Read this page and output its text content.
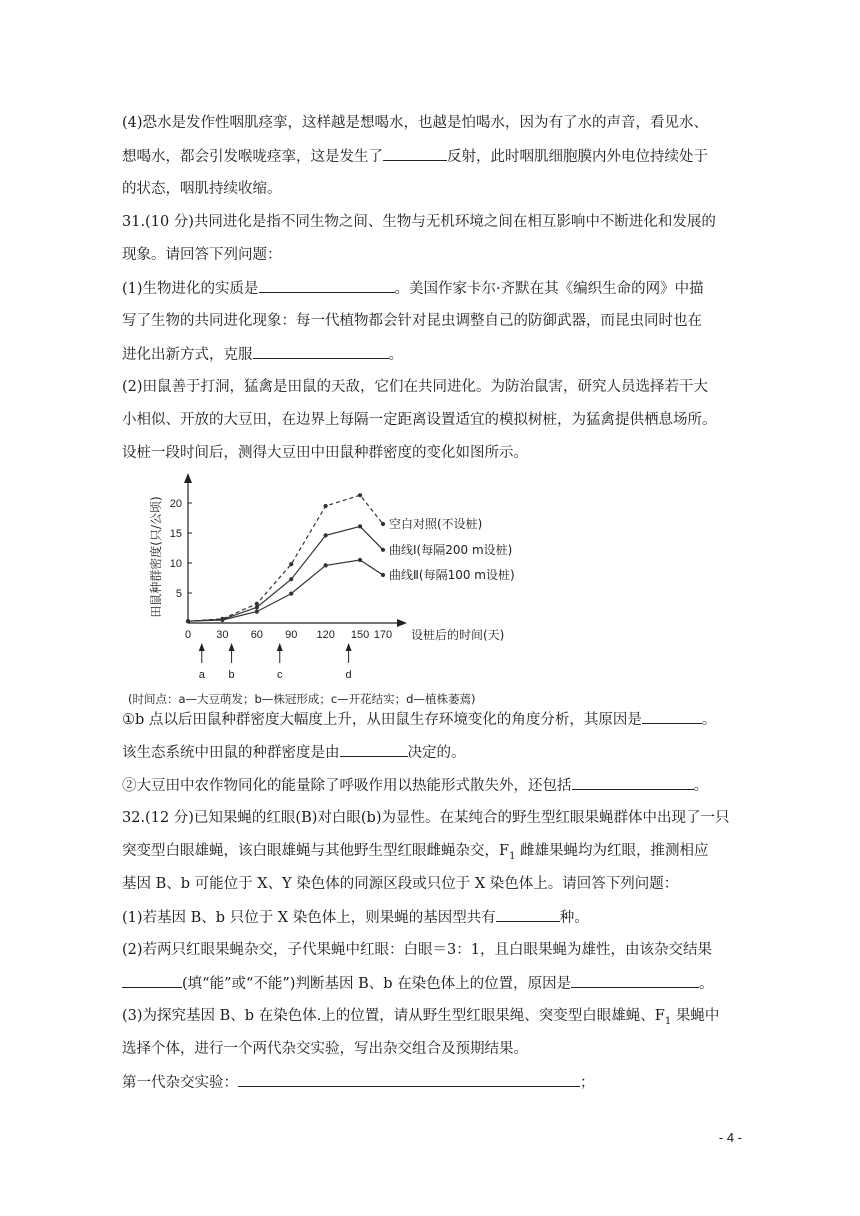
(4)恐水是发作性咽肌痉挛，这样越是想喝水，也越是怕喝水，因为有了水的声音，看见水、
想喝水，都会引发喉咙痉挛，这是发生了	反射，此时咽肌细胞膜内外电位持续处于
的状态，咽肌持续收缩。
31.(10 分)共同进化是指不同生物之间、生物与无机环境之间在相互影响中不断进化和发展的
现象。请回答下列问题：
(1)生物进化的实质是	。美国作家卡尔·齐默在其《编织生命的网》中描
写了生物的共同进化现象：每一代植物都会针对昆虫调整自己的防御武器，而昆虫同时也在
进化出新方式，克服	。
(2)田鼠善于打洞，猛禽是田鼠的天敌，它们在共同进化。为防治鼠害，研究人员选择若干大
小相似、开放的大豆田，在边界上每隔一定距离设置适宜的模拟树桩，为猛禽提供栖息场所。
设桩一段时间后，测得大豆田中田鼠种群密度的变化如图所示。
5
10
15
20
0 30 60 90 120 150 170
田鼠种群密度(只/公顷)
设桩后的时间(天)
空白对照(不设桩)
曲线Ⅰ(每隔200 m设桩)
曲线Ⅱ(每隔100 m设桩)
a b	c	d
(时间点：a—大豆萌发；b—株冠形成；c—开花结实；d—植株萎蔫)
①b 点以后田鼠种群密度大幅度上升，从田鼠生存环境变化的角度分析，其原因是	。
该生态系统中田鼠的种群密度是由	决定的。
②大豆田中农作物同化的能量除了呼吸作用以热能形式散失外，还包括	。
32.(12 分)已知果蝇的红眼(B)对白眼(b)为显性。在某纯合的野生型红眼果蝇群体中出现了一只
突变型白眼雄蝇，该白眼雄蝇与其他野生型红眼雌蝇杂交，$F_1$ 雌雄果蝇均为红眼，推测相应
基因 B、b 可能位于 X、Y 染色体的同源区段或只位于 X 染色体上。请回答下列问题：
(1)若基因 B、b 只位于 X 染色体上，则果蝇的基因型共有	种。
(2)若两只红眼果蝇杂交，子代果蝇中红眼：白眼＝3：1，且白眼果蝇为雄性，由该杂交结果
(填“能”或“不能”)判断基因 B、b 在染色体上的位置，原因是	。
(3)为探究基因 B、b 在染色体.上的位置，请从野生型红眼果绳、突变型白眼雄蝇、$F_1$ 果蝇中
选择个体，进行一个两代杂交实验，写出杂交组合及预期结果。
第一代杂交实验：	；
- 4 -
